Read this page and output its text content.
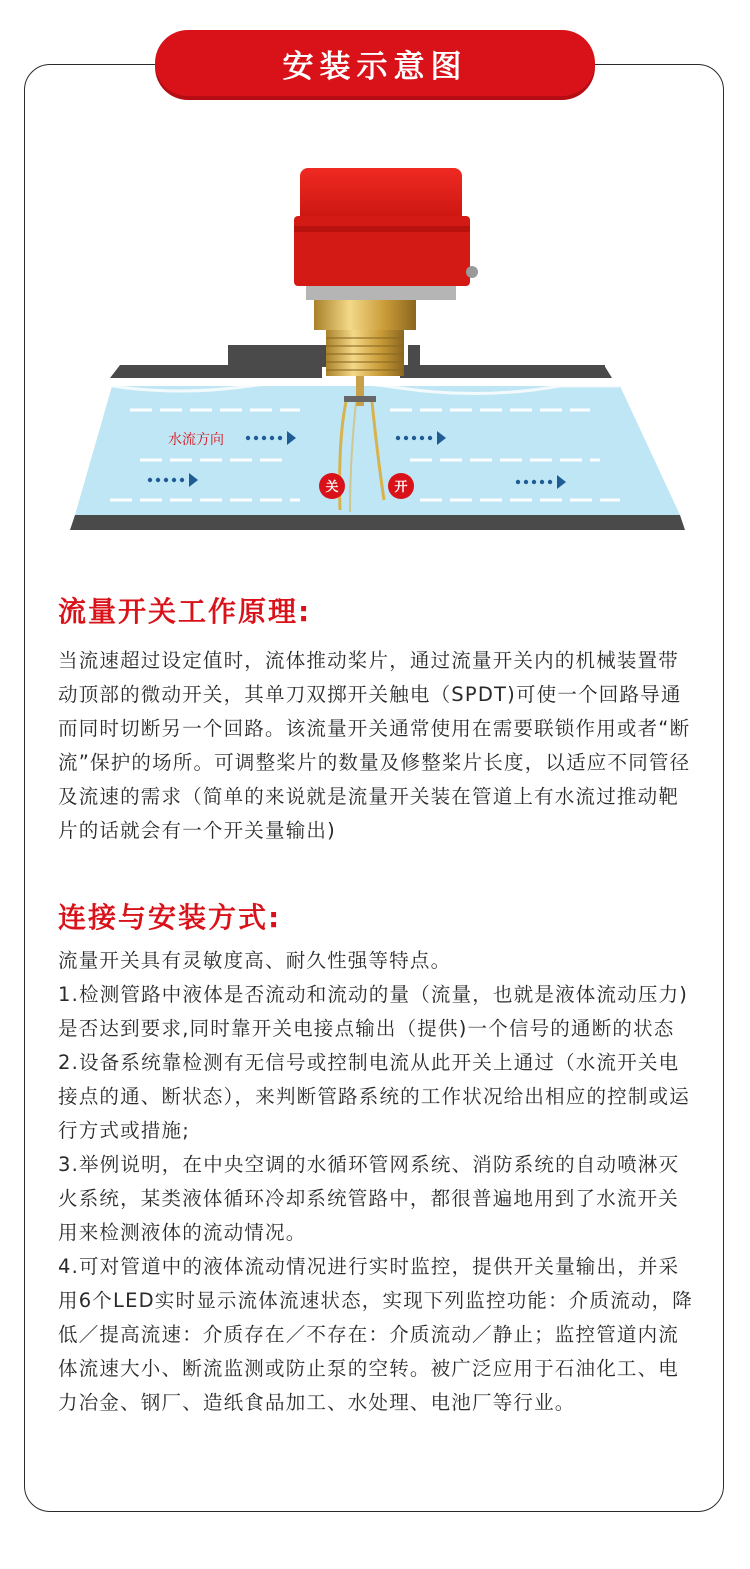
安装示意图
水流方向
关	开
流量开关工作原理:
当流速超过设定值时，流体推动桨片，通过流量开关内的机械装置带动顶部的微动开关，其单刀双掷开关触电（SPDT)可使一个回路导通而同时切断另一个回路。该流量开关通常使用在需要联锁作用或者“断流”保护的场所。可调整桨片的数量及修整桨片长度，以适应不同管径及流速的需求（简单的来说就是流量开关装在管道上有水流过推动靶片的话就会有一个开关量输出)
连接与安装方式:

流量开关具有灵敏度高、耐久性强等特点。

1.检测管路中液体是否流动和流动的量（流量，也就是液体流动压力)是否达到要求,同时靠开关电接点输出（提供)一个信号的通断的状态

2.设备系统靠检测有无信号或控制电流从此开关上通过（水流开关电接点的通、断状态），来判断管路系统的工作状况给出相应的控制或运行方式或措施;

3.举例说明，在中央空调的水循环管网系统、消防系统的自动喷淋灭火系统，某类液体循环冷却系统管路中，都很普遍地用到了水流开关用来检测液体的流动情况。

4.可对管道中的液体流动情况进行实时监控，提供开关量输出，并采用6个LED实时显示流体流速状态，实现下列监控功能：介质流动，降低／提高流速：介质存在／不存在：介质流动／静止；监控管道内流体流速大小、断流监测或防止泵的空转。被广泛应用于石油化工、电力冶金、钢厂、造纸食品加工、水处理、电池厂等行业。
